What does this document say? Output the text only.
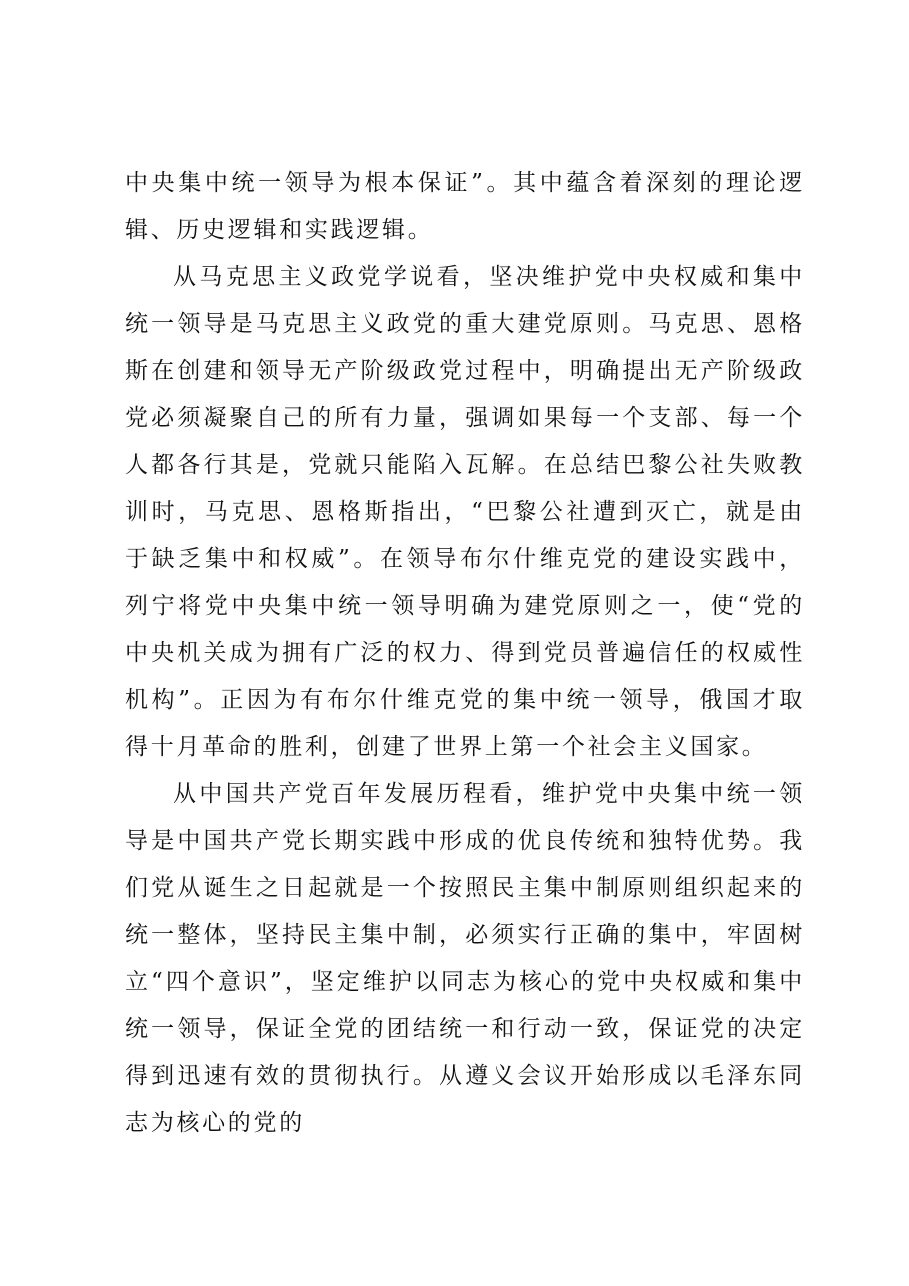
中央集中统一领导为根本保证”。其中蕴含着深刻的理论逻辑、历史逻辑和实践逻辑。

从马克思主义政党学说看，坚决维护党中央权威和集中统一领导是马克思主义政党的重大建党原则。马克思、恩格斯在创建和领导无产阶级政党过程中，明确提出无产阶级政党必须凝聚自己的所有力量，强调如果每一个支部、每一个人都各行其是，党就只能陷入瓦解。在总结巴黎公社失败教训时，马克思、恩格斯指出，“巴黎公社遭到灭亡，就是由于缺乏集中和权威”。在领导布尔什维克党的建设实践中，列宁将党中央集中统一领导明确为建党原则之一，使“党的中央机关成为拥有广泛的权力、得到党员普遍信任的权威性机构”。正因为有布尔什维克党的集中统一领导，俄国才取得十月革命的胜利，创建了世界上第一个社会主义国家。

从中国共产党百年发展历程看，维护党中央集中统一领导是中国共产党长期实践中形成的优良传统和独特优势。我们党从诞生之日起就是一个按照民主集中制原则组织起来的统一整体，坚持民主集中制，必须实行正确的集中，牢固树立“四个意识”，坚定维护以同志为核心的党中央权威和集中统一领导，保证全党的团结统一和行动一致，保证党的决定得到迅速有效的贯彻执行。从遵义会议开始形成以毛泽东同志为核心的党的
